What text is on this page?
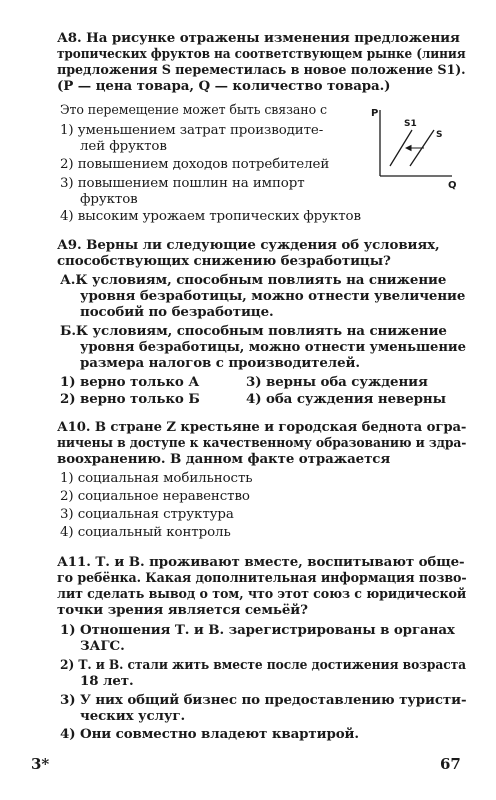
А8. На рисунке отражены изменения предложения
тропических фруктов на соответствующем рынке (линия
предложения S переместилась в новое положение S1).
(Р — цена товара, Q — количество товара.)
Это перемещение может быть связано с
1) уменьшением затрат производите-
лей фруктов
2) повышением доходов потребителей
3) повышением пошлин на импорт
фруктов
4) высоким урожаем тропических фруктов
P
Q
S1
S
А9. Верны ли следующие суждения об условиях,
способствующих снижению безработицы?
А.К условиям, способным повлиять на снижение
уровня безработицы, можно отнести увеличение
пособий по безработице.
Б.К условиям, способным повлиять на снижение
уровня безработицы, можно отнести уменьшение
размера налогов с производителей.
1) верно только А	3) верны оба суждения
2) верно только Б	4) оба суждения неверны
А10. В стране Z крестьяне и городская беднота огра-
ничены в доступе к качественному образованию и здра-
воохранению. В данном факте отражается
1) социальная мобильность
2) социальное неравенство
3) социальная структура
4) социальный контроль
А11. Т. и В. проживают вместе, воспитывают обще-
го ребёнка. Какая дополнительная информация позво-
лит сделать вывод о том, что этот союз с юридической
точки зрения является семьёй?
1) Отношения Т. и В. зарегистрированы в органах
ЗАГС.
2) Т. и В. стали жить вместе после достижения возраста
18 лет.
3) У них общий бизнес по предоставлению туристи-
ческих услуг.
4) Они совместно владеют квартирой.
3*	67
